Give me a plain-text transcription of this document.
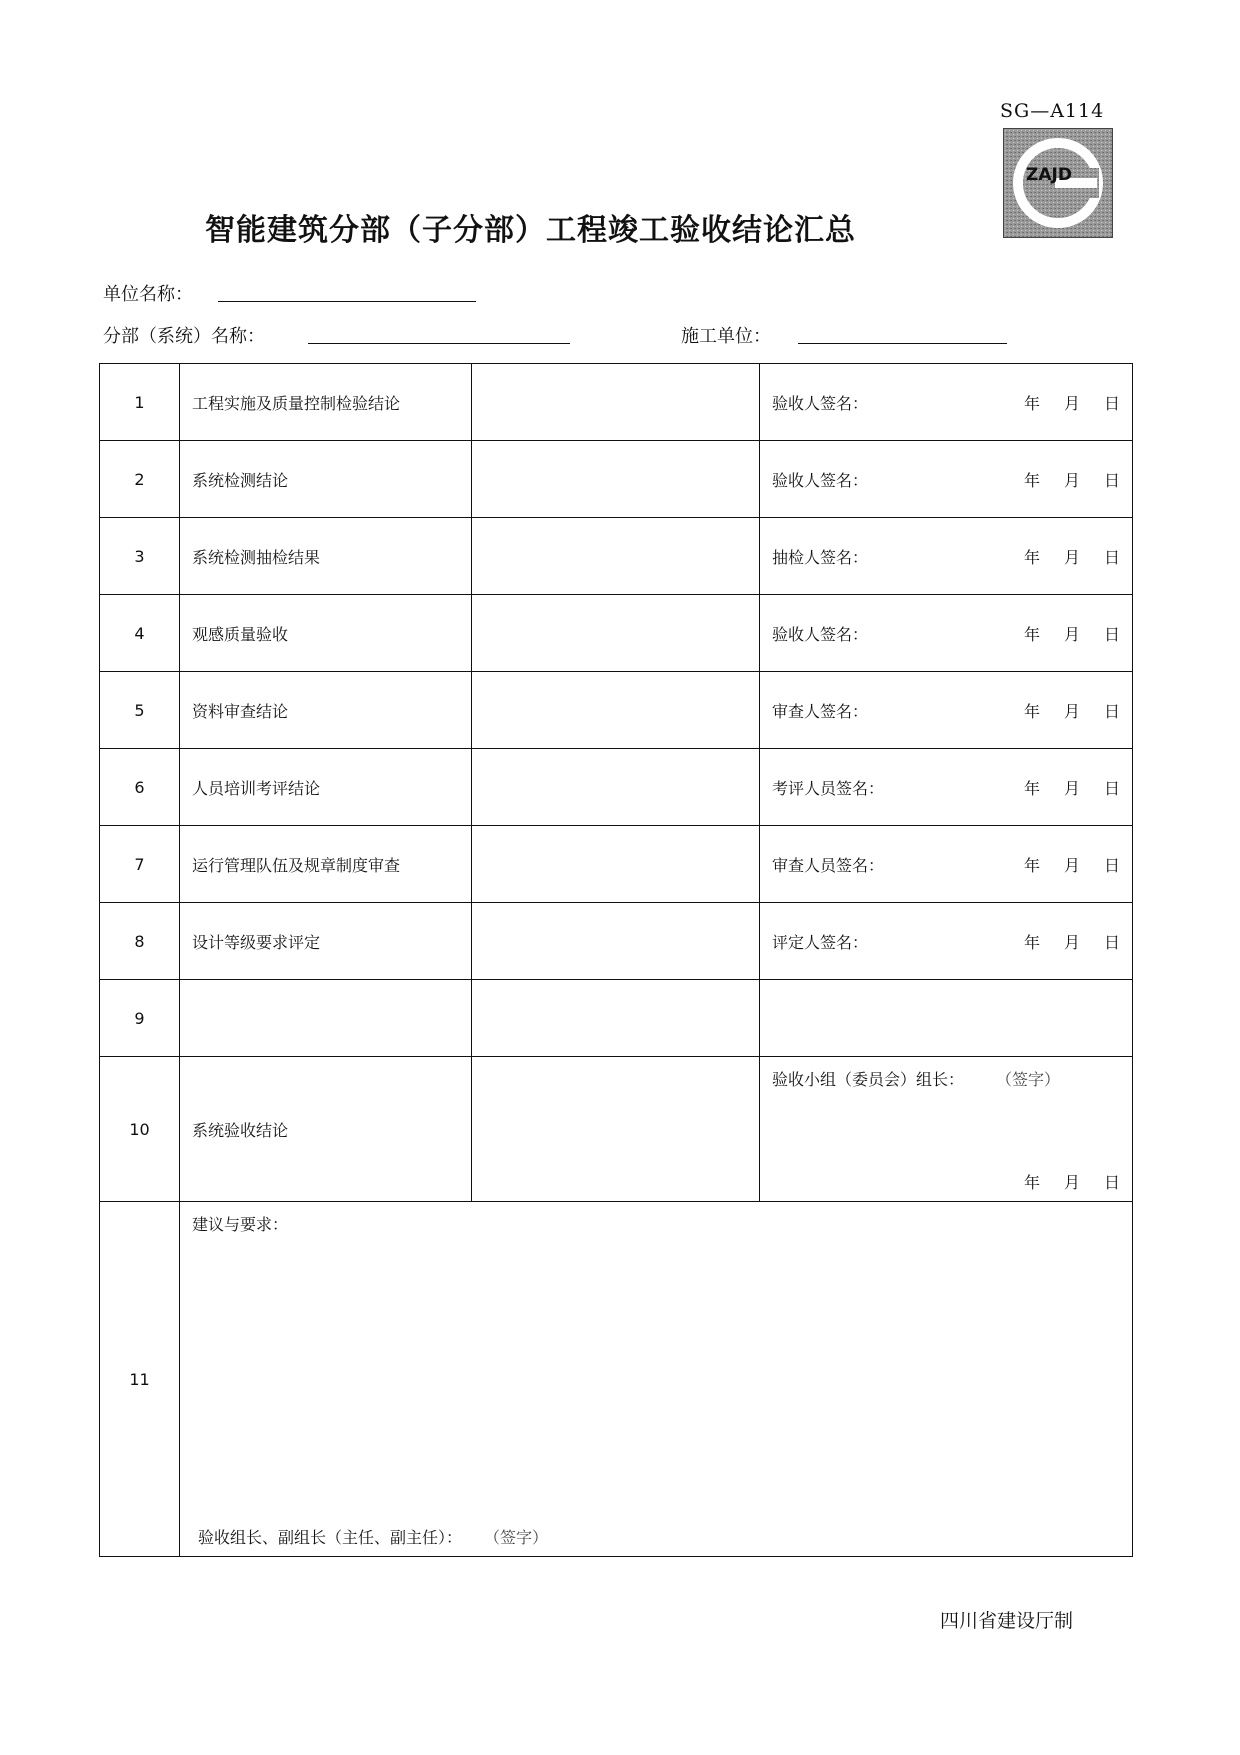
SG—A114
ZAJD
智能建筑分部（子分部）工程竣工验收结论汇总
单位名称：
分部（系统）名称：	施工单位：
1	工程实施及质量控制检验结论		验收人签名： 年 月 日

2	系统检测结论		验收人签名： 年 月 日

3	系统检测抽检结果		抽检人签名： 年 月 日

4	观感质量验收		验收人签名： 年 月 日

5	资料审查结论		审查人签名： 年 月 日

6	人员培训考评结论		考评人员签名： 年 月 日

7	运行管理队伍及规章制度审查		审查人员签名： 年 月 日

8	设计等级要求评定		评定人签名： 年 月 日

9			
10	系统验收结论		验收小组（委员会）组长： （签字）
年 月 日

11	建议与要求：
验收组长、副组长（主任、副主任）： （签字）		
四川省建设厅制
